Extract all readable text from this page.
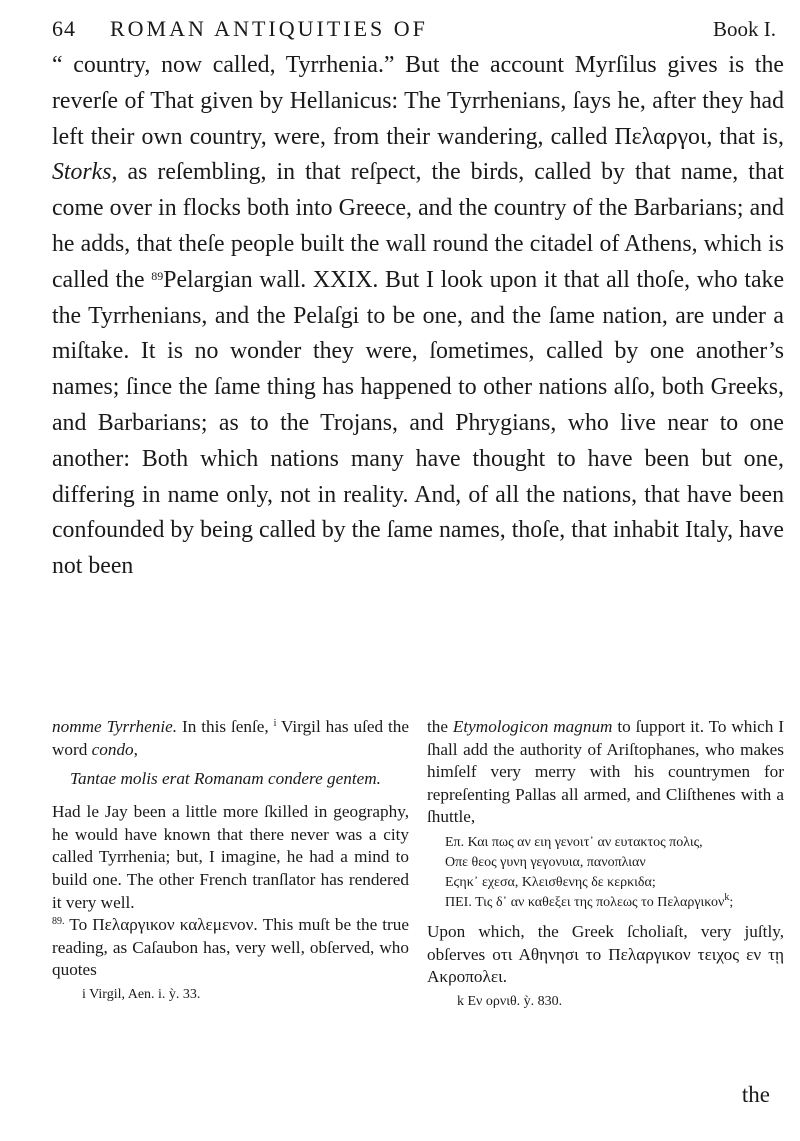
64	ROMAN ANTIQUITIES OF	Book I.

“ country, now called, Tyrrhenia.” But the account Myrſilus gives is the reverſe of That given by Hellanicus: The Tyrrhenians, ſays he, after they had left their own country, were, from their wandering, called Πελαργοι, that is, Storks, as reſembling, in that reſpect, the birds, called by that name, that come over in flocks both into Greece, and the country of the Barbarians; and he adds, that theſe people built the wall round the citadel of Athens, which is called the $^{89}$Pelargian wall. XXIX. But I look upon it that all thoſe, who take the Tyrrhenians, and the Pelaſgi to be one, and the ſame nation, are under a miſtake. It is no wonder they were, ſometimes, called by one another’s names; ſince the ſame thing has happened to other nations alſo, both Greeks, and Barbarians; as to the Trojans, and Phrygians, who live near to one another: Both which nations many have thought to have been but one, differing in name only, not in reality. And, of all the nations, that have been confounded by being called by the ſame names, thoſe, that inhabit Italy, have not been

nomme Tyrrhenie. In this ſenſe, $^i$ Virgil has uſed the word condo,

Tantae molis erat Romanam condere gentem.

Had le Jay been a little more ſkilled in geography, he would have known that there never was a city called Tyrrhenia; but, I imagine, he had a mind to build one. The other French tranſlator has rendered it very well.

$^{89.}$ Το Πελαργικον καλεμενον. This muſt be the true reading, as Caſaubon has, very well, obſerved, who quotes

i Virgil, Aen. i. ỳ. 33.

the Etymologicon magnum to ſupport it. To which I ſhall add the authority of Ariſtophanes, who makes himſelf very merry with his countrymen for repreſenting Pallas all armed, and Cliſthenes with a ſhuttle,

Επ. Και πως αν ειη γενοιτ᾽ αν ευτακτος πολις,
Οπε θεος γυνη γεγονυια, πανοπλιαν
Εϛηκ᾽ εχεσα, Κλεισθενης δε κερκιδα;
ΠΕΙ. Τις δ᾽ αν καθεξει της πολεως το Πελαργικον$^k$;

Upon which, the Greek ſcholiaſt, very juſtly, obſerves οτι Αθηνησι το Πελαργικον τειχος εν τῃ Ακροπολει.

k Εν ορνιθ. ỳ. 830.
the
